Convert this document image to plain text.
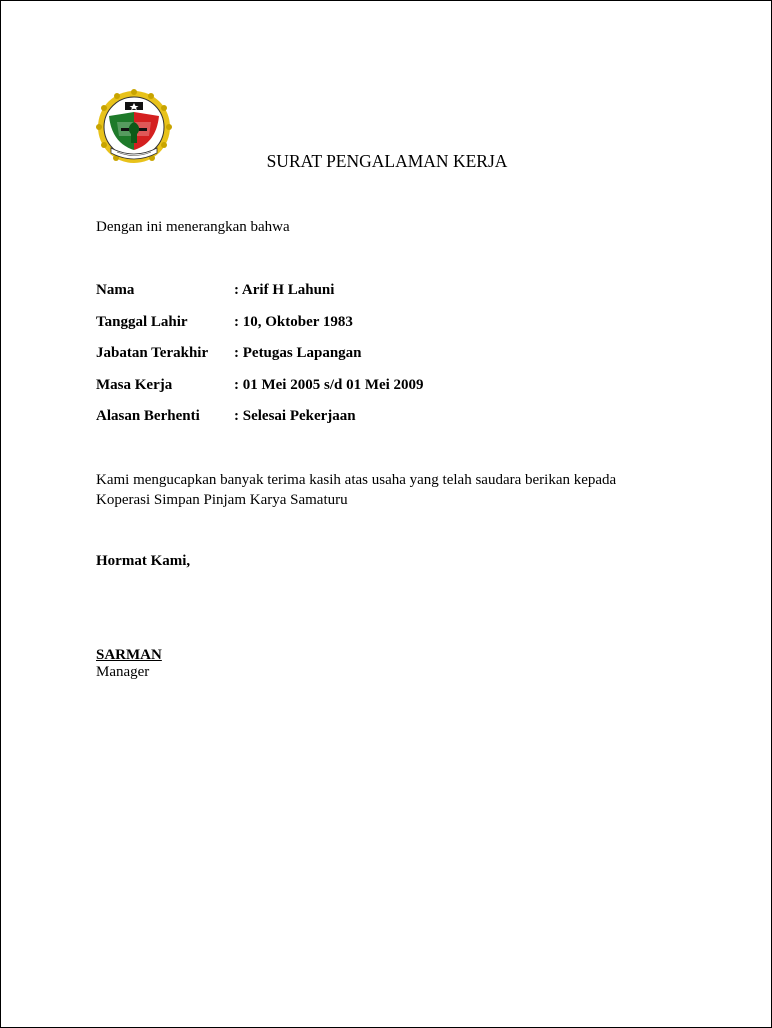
SURAT PENGALAMAN KERJA
Dengan ini menerangkan bahwa
Nama	: Arif H Lahuni
Tanggal Lahir	: 10, Oktober 1983
Jabatan Terakhir : Petugas Lapangan
Masa Kerja	: 01 Mei 2005 s/d 01 Mei 2009
Alasan Berhenti : Selesai Pekerjaan
Kami mengucapkan banyak terima kasih atas usaha yang telah saudara berikan kepada
Koperasi Simpan Pinjam Karya Samaturu
Hormat Kami,
SARMAN
Manager
